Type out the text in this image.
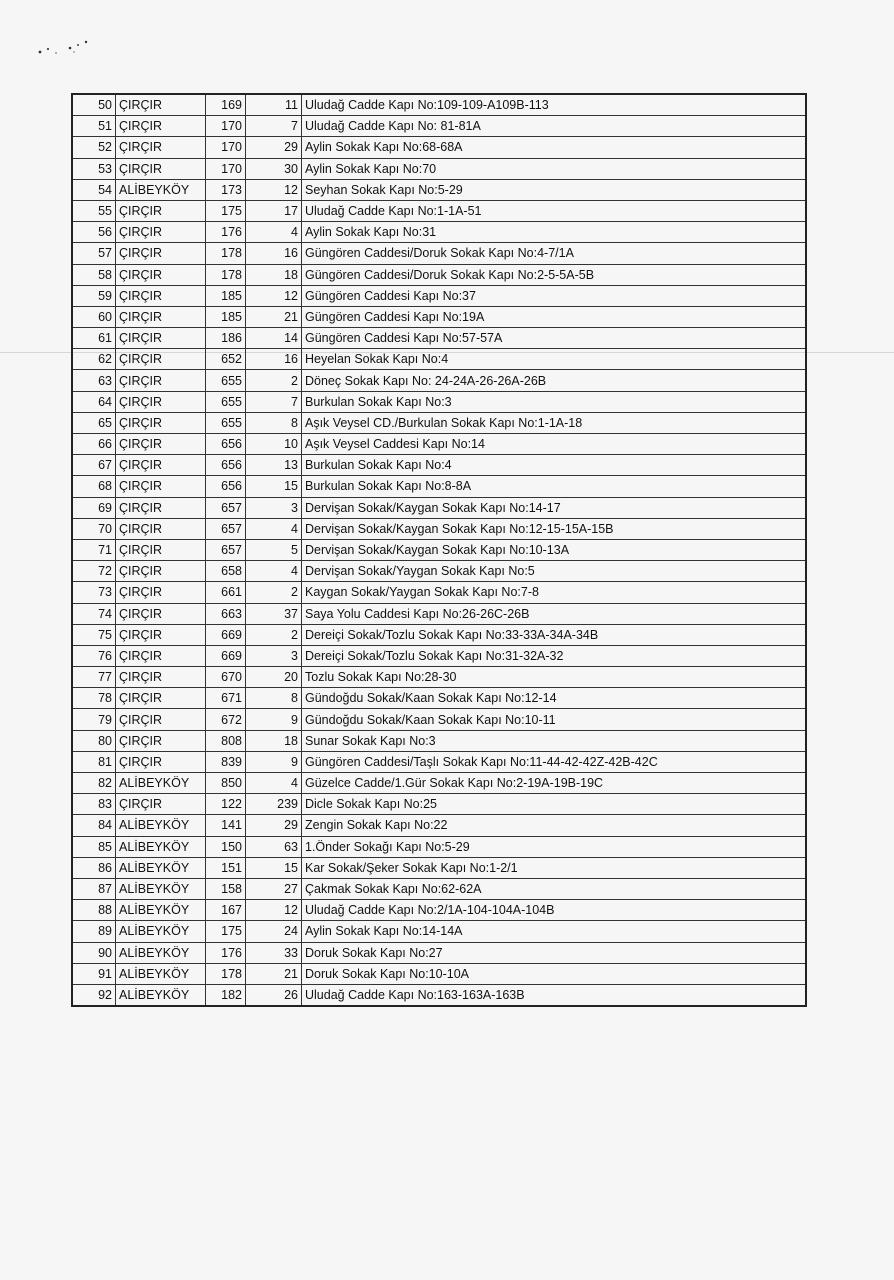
50	ÇIRÇIR	169	11	Uludağ Cadde Kapı No:109-109-A109B-113
51	ÇIRÇIR	170	7	Uludağ Cadde Kapı No: 81-81A
52	ÇIRÇIR	170	29	Aylin Sokak Kapı No:68-68A
53	ÇIRÇIR	170	30	Aylin Sokak Kapı No:70
54	ALİBEYKÖY	173	12	Seyhan Sokak Kapı No:5-29
55	ÇIRÇIR	175	17	Uludağ Cadde Kapı No:1-1A-51
56	ÇIRÇIR	176	4	Aylin Sokak Kapı No:31
57	ÇIRÇIR	178	16	Güngören Caddesi/Doruk Sokak Kapı No:4-7/1A
58	ÇIRÇIR	178	18	Güngören Caddesi/Doruk Sokak Kapı No:2-5-5A-5B
59	ÇIRÇIR	185	12	Güngören Caddesi Kapı No:37
60	ÇIRÇIR	185	21	Güngören Caddesi Kapı No:19A
61	ÇIRÇIR	186	14	Güngören Caddesi Kapı No:57-57A
62	ÇIRÇIR	652	16	Heyelan Sokak Kapı No:4
63	ÇIRÇIR	655	2	Döneç Sokak Kapı No: 24-24A-26-26A-26B
64	ÇIRÇIR	655	7	Burkulan Sokak Kapı No:3
65	ÇIRÇIR	655	8	Aşık Veysel CD./Burkulan Sokak Kapı No:1-1A-18
66	ÇIRÇIR	656	10	Aşık Veysel Caddesi Kapı No:14
67	ÇIRÇIR	656	13	Burkulan Sokak Kapı No:4
68	ÇIRÇIR	656	15	Burkulan Sokak Kapı No:8-8A
69	ÇIRÇIR	657	3	Dervişan Sokak/Kaygan Sokak Kapı No:14-17
70	ÇIRÇIR	657	4	Dervişan Sokak/Kaygan Sokak Kapı No:12-15-15A-15B
71	ÇIRÇIR	657	5	Dervişan Sokak/Kaygan Sokak Kapı No:10-13A
72	ÇIRÇIR	658	4	Dervişan Sokak/Yaygan Sokak Kapı No:5
73	ÇIRÇIR	661	2	Kaygan Sokak/Yaygan Sokak Kapı No:7-8
74	ÇIRÇIR	663	37	Saya Yolu Caddesi Kapı No:26-26C-26B
75	ÇIRÇIR	669	2	Dereiçi Sokak/Tozlu Sokak Kapı No:33-33A-34A-34B
76	ÇIRÇIR	669	3	Dereiçi Sokak/Tozlu Sokak Kapı No:31-32A-32
77	ÇIRÇIR	670	20	Tozlu Sokak Kapı No:28-30
78	ÇIRÇIR	671	8	Gündoğdu Sokak/Kaan Sokak Kapı No:12-14
79	ÇIRÇIR	672	9	Gündoğdu Sokak/Kaan Sokak Kapı No:10-11
80	ÇIRÇIR	808	18	Sunar Sokak Kapı No:3
81	ÇIRÇIR	839	9	Güngören Caddesi/Taşlı Sokak Kapı No:11-44-42-42Z-42B-42C
82	ALİBEYKÖY	850	4	Güzelce Cadde/1.Gür Sokak Kapı No:2-19A-19B-19C
83	ÇIRÇIR	122	239	Dicle Sokak Kapı No:25
84	ALİBEYKÖY	141	29	Zengin Sokak Kapı No:22
85	ALİBEYKÖY	150	63	1.Önder Sokağı Kapı No:5-29
86	ALİBEYKÖY	151	15	Kar Sokak/Şeker Sokak Kapı No:1-2/1
87	ALİBEYKÖY	158	27	Çakmak Sokak Kapı No:62-62A
88	ALİBEYKÖY	167	12	Uludağ Cadde Kapı No:2/1A-104-104A-104B
89	ALİBEYKÖY	175	24	Aylin Sokak Kapı No:14-14A
90	ALİBEYKÖY	176	33	Doruk Sokak Kapı No:27
91	ALİBEYKÖY	178	21	Doruk Sokak Kapı No:10-10A
92	ALİBEYKÖY	182	26	Uludağ Cadde Kapı No:163-163A-163B
